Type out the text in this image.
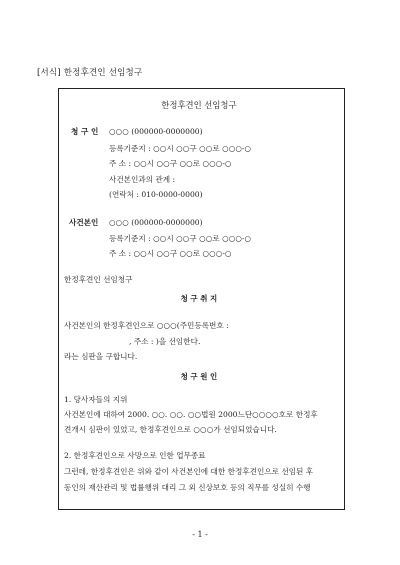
[서식] 한정후견인 선임청구
한정후견인 선임청구
청 구 인 ○○○ (000000-0000000)
등록기준지 : ○○시 ○○구 ○○로 ○○○-○
주 소 : ○○시 ○○구 ○○로 ○○○-○
사건본인과의 관계 :
(연락처 : 010-0000-0000)
사건본인 ○○○ (000000-0000000)
등록기준지 : ○○시 ○○구 ○○로 ○○○-○
주 소 : ○○시 ○○구 ○○로 ○○○-○
한정후견인 선임청구
청 구 취 지
사건본인의 한정후견인으로 ○○○(주민등록번호 :
, 주소 : )을 선임한다.
라는 심판을 구합니다.
청 구 원 인
1. 당사자들의 지위
사건본인에 대하여 2000. ○○. ○○. ○○법원 2000느단○○○○호로 한정후
견개시 심판이 있었고, 한정후견인으로 ○○○가 선임되었습니다.
2. 한정후견인으로 사망으로 인한 업무종료
그런데, 한정후견인은 위와 같이 사건본인에 대한 한정후견인으로 선임된 후
동인의 재산관리 및 법률행위 대리 그 외 신상보호 등의 직무를 성실히 수행
- 1 -
